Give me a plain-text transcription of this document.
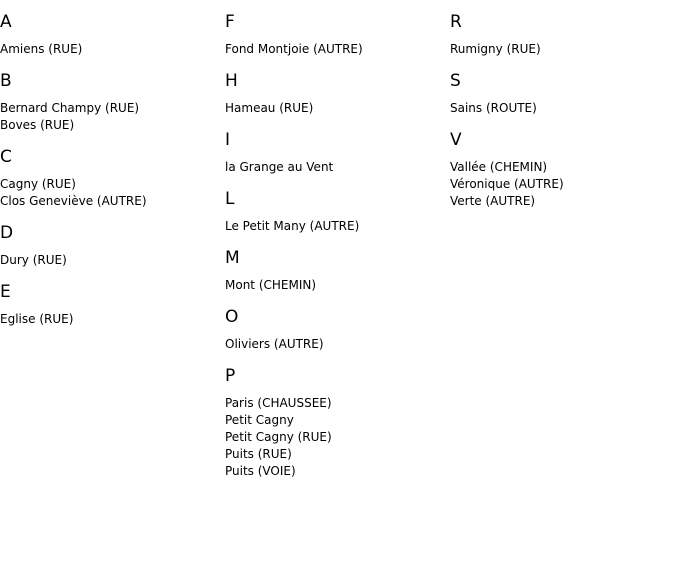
A
Amiens (RUE)
B
Bernard Champy (RUE)
Boves (RUE)
C
Cagny (RUE)
Clos Geneviève (AUTRE)
D
Dury (RUE)
E
Eglise (RUE)
F
Fond Montjoie (AUTRE)
H
Hameau (RUE)
I
la Grange au Vent
L
Le Petit Many (AUTRE)
M
Mont (CHEMIN)
O
Oliviers (AUTRE)
P
Paris (CHAUSSEE)
Petit Cagny
Petit Cagny (RUE)
Puits (RUE)
Puits (VOIE)
R
Rumigny (RUE)
S
Sains (ROUTE)
V
Vallée (CHEMIN)
Véronique (AUTRE)
Verte (AUTRE)
